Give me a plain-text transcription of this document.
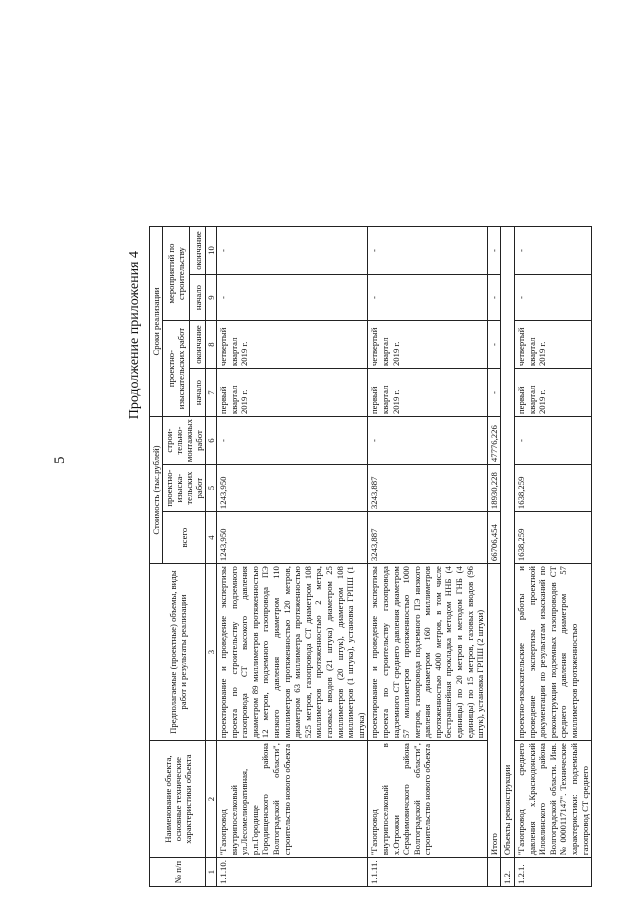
5
Продолжение приложения 4
№ п/п	Наименование объекта, основные технические характеристики объекта	Предполагаемые (проектные) объемы, виды работ и результаты реализации	Стоимость (тыс.рублей)			Сроки реализации			
			всего	проектно-изыска-тельских работ	строи-тельно-монтажных работ	проектно-изыскательских работ		мероприятий по строительству	
						начало	окончание	начало	окончание
1	2	3	4	5	6	7	8	9	10
1.1.10.	"Газопровод внутрипоселковый ул.Лесомелиоративная, р.п.Городище Городищенского района Волгоградской области", строительство нового объекта	проектирование и проведение экспертизы проекта по строительству подземного газопровода СТ высокого давления диаметром 89 миллиметров протяженностью 12 метров, подземного газопровода ПЭ низкого давления диаметром 110 миллиметров протяженностью 120 метров, диаметром 63 миллиметра протяженностью 525 метров, газопровода СТ диаметром 108 миллиметров протяженностью 2 метра, газовых вводов (21 штука) диаметром 25 миллиметров (20 штук), диаметром 108 миллиметров (1 штука), установка ГРПШ (1 штука)	1243,950	1243,950	-	первый квартал 2019 г.	четвертый квартал 2019 г.	-	-
1.1.11.	"Газопровод внутрипоселковый в х.Отрожки Серафимовичского района Волгоградской области", строительство нового объекта	проектирование и проведение экспертизы проекта по строительству газопровода надземного СТ среднего давления диаметром 57 миллиметров протяженностью 1000 метров, газопровода подземного ПЭ низкого давления диаметром 160 миллиметров протяженностью 4000 метров, в том числе бестраншейная прокладка методом ННБ (4 единицы) по 20 метров и методом ГНБ (4 единицы) по 15 метров, газовых вводов (96 штук), установка ГРПШ (2 штуки)	3243,887	3243,887	-	первый квартал 2019 г.	четвертый квартал 2019 г.	-	-
	Итого		66706,454	18930,228	47776,226	-	-	-	-
1.2.	Объекты реконструкции								
1.2.1.	"Газопровод среднего давления х.Краснодонский Иловлинского района Волгоградской области. Инв.№ 0000117147". Технические характеристики: подземный газопровод СТ среднего	проектно-изыскательские работы и проведение экспертизы проектной документации по результатам изысканий по реконструкции подземных газопроводов СТ среднего давления диаметром 57 миллиметров протяженностью	1638,259	1638,259	-	первый квартал 2019 г.	четвертый квартал 2019 г.	-	-
